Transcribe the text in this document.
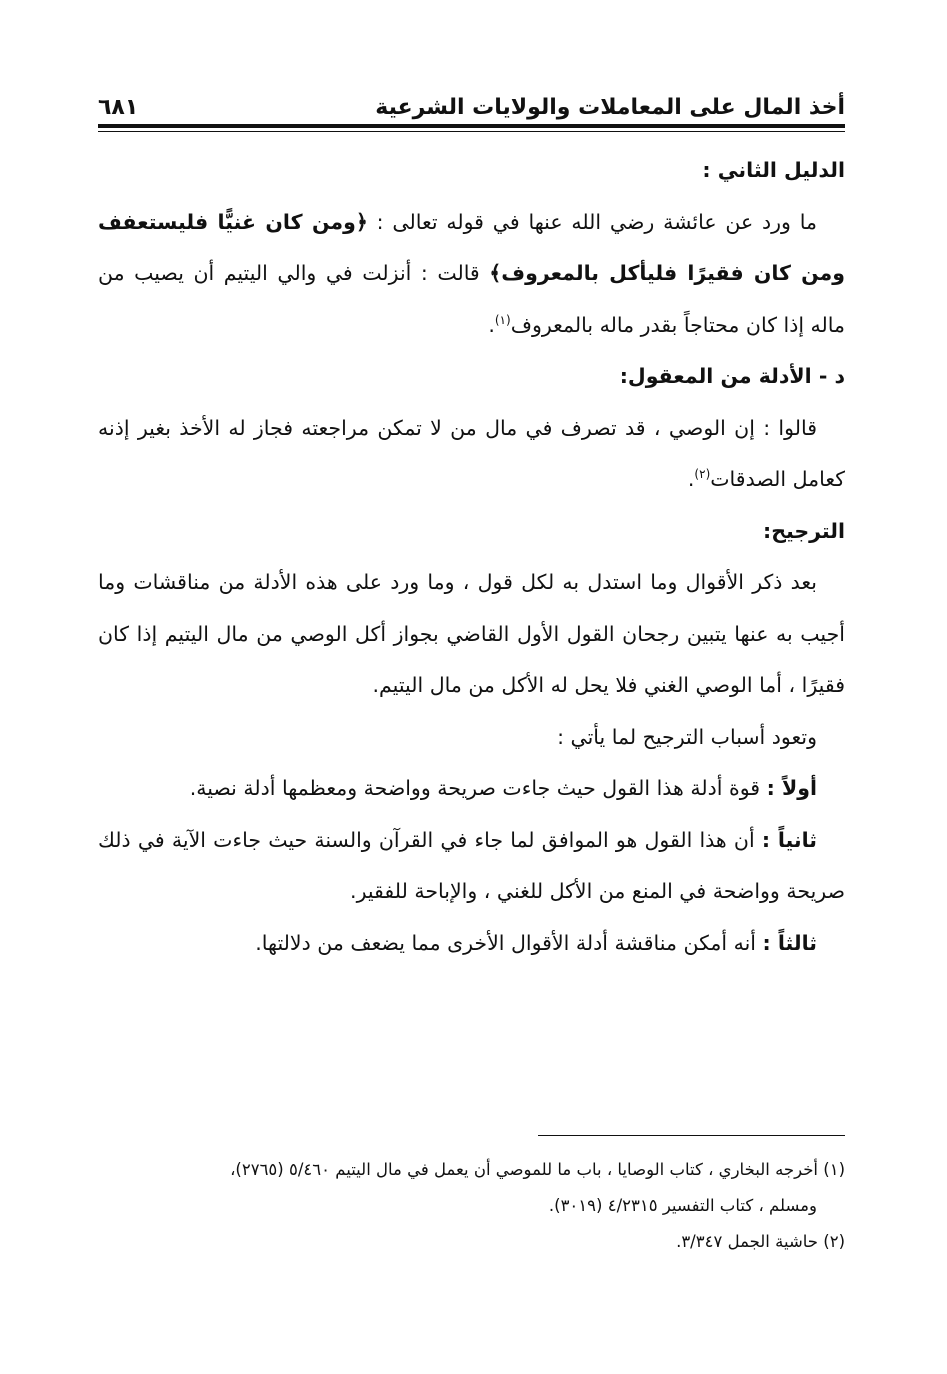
أخذ المال على المعاملات والولايات الشرعية
٦٨١

الدليل الثاني :

ما ورد عن عائشة رضي الله عنها في قوله تعالى : ﴿ومن كان غنيًّا فليستعفف ومن كان فقيرًا فليأكل بالمعروف﴾ قالت : أنزلت في والي اليتيم أن يصيب من ماله إذا كان محتاجاً بقدر ماله بالمعروف$^{(١)}$.

د - الأدلة من المعقول:

قالوا : إن الوصي ، قد تصرف في مال من لا تمكن مراجعته فجاز له الأخذ بغير إذنه كعامل الصدقات$^{(٢)}$.

الترجيح:

بعد ذكر الأقوال وما استدل به لكل قول ، وما ورد على هذه الأدلة من مناقشات وما أجيب به عنها يتبين رجحان القول الأول القاضي بجواز أكل الوصي من مال اليتيم إذا كان فقيرًا ، أما الوصي الغني فلا يحل له الأكل من مال اليتيم.

وتعود أسباب الترجيح لما يأتي :

أولاً : قوة أدلة هذا القول حيث جاءت صريحة وواضحة ومعظمها أدلة نصية.

ثانياً : أن هذا القول هو الموافق لما جاء في القرآن والسنة حيث جاءت الآية في ذلك صريحة وواضحة في المنع من الأكل للغني ، والإباحة للفقير.

ثالثاً : أنه أمكن مناقشة أدلة الأقوال الأخرى مما يضعف من دلالتها.

(١) أخرجه البخاري ، كتاب الوصايا ، باب ما للموصي أن يعمل في مال اليتيم ٥/٤٦٠ (٢٧٦٥)،

ومسلم ، كتاب التفسير ٤/٢٣١٥ (٣٠١٩).

(٢) حاشية الجمل ٣/٣٤٧.
